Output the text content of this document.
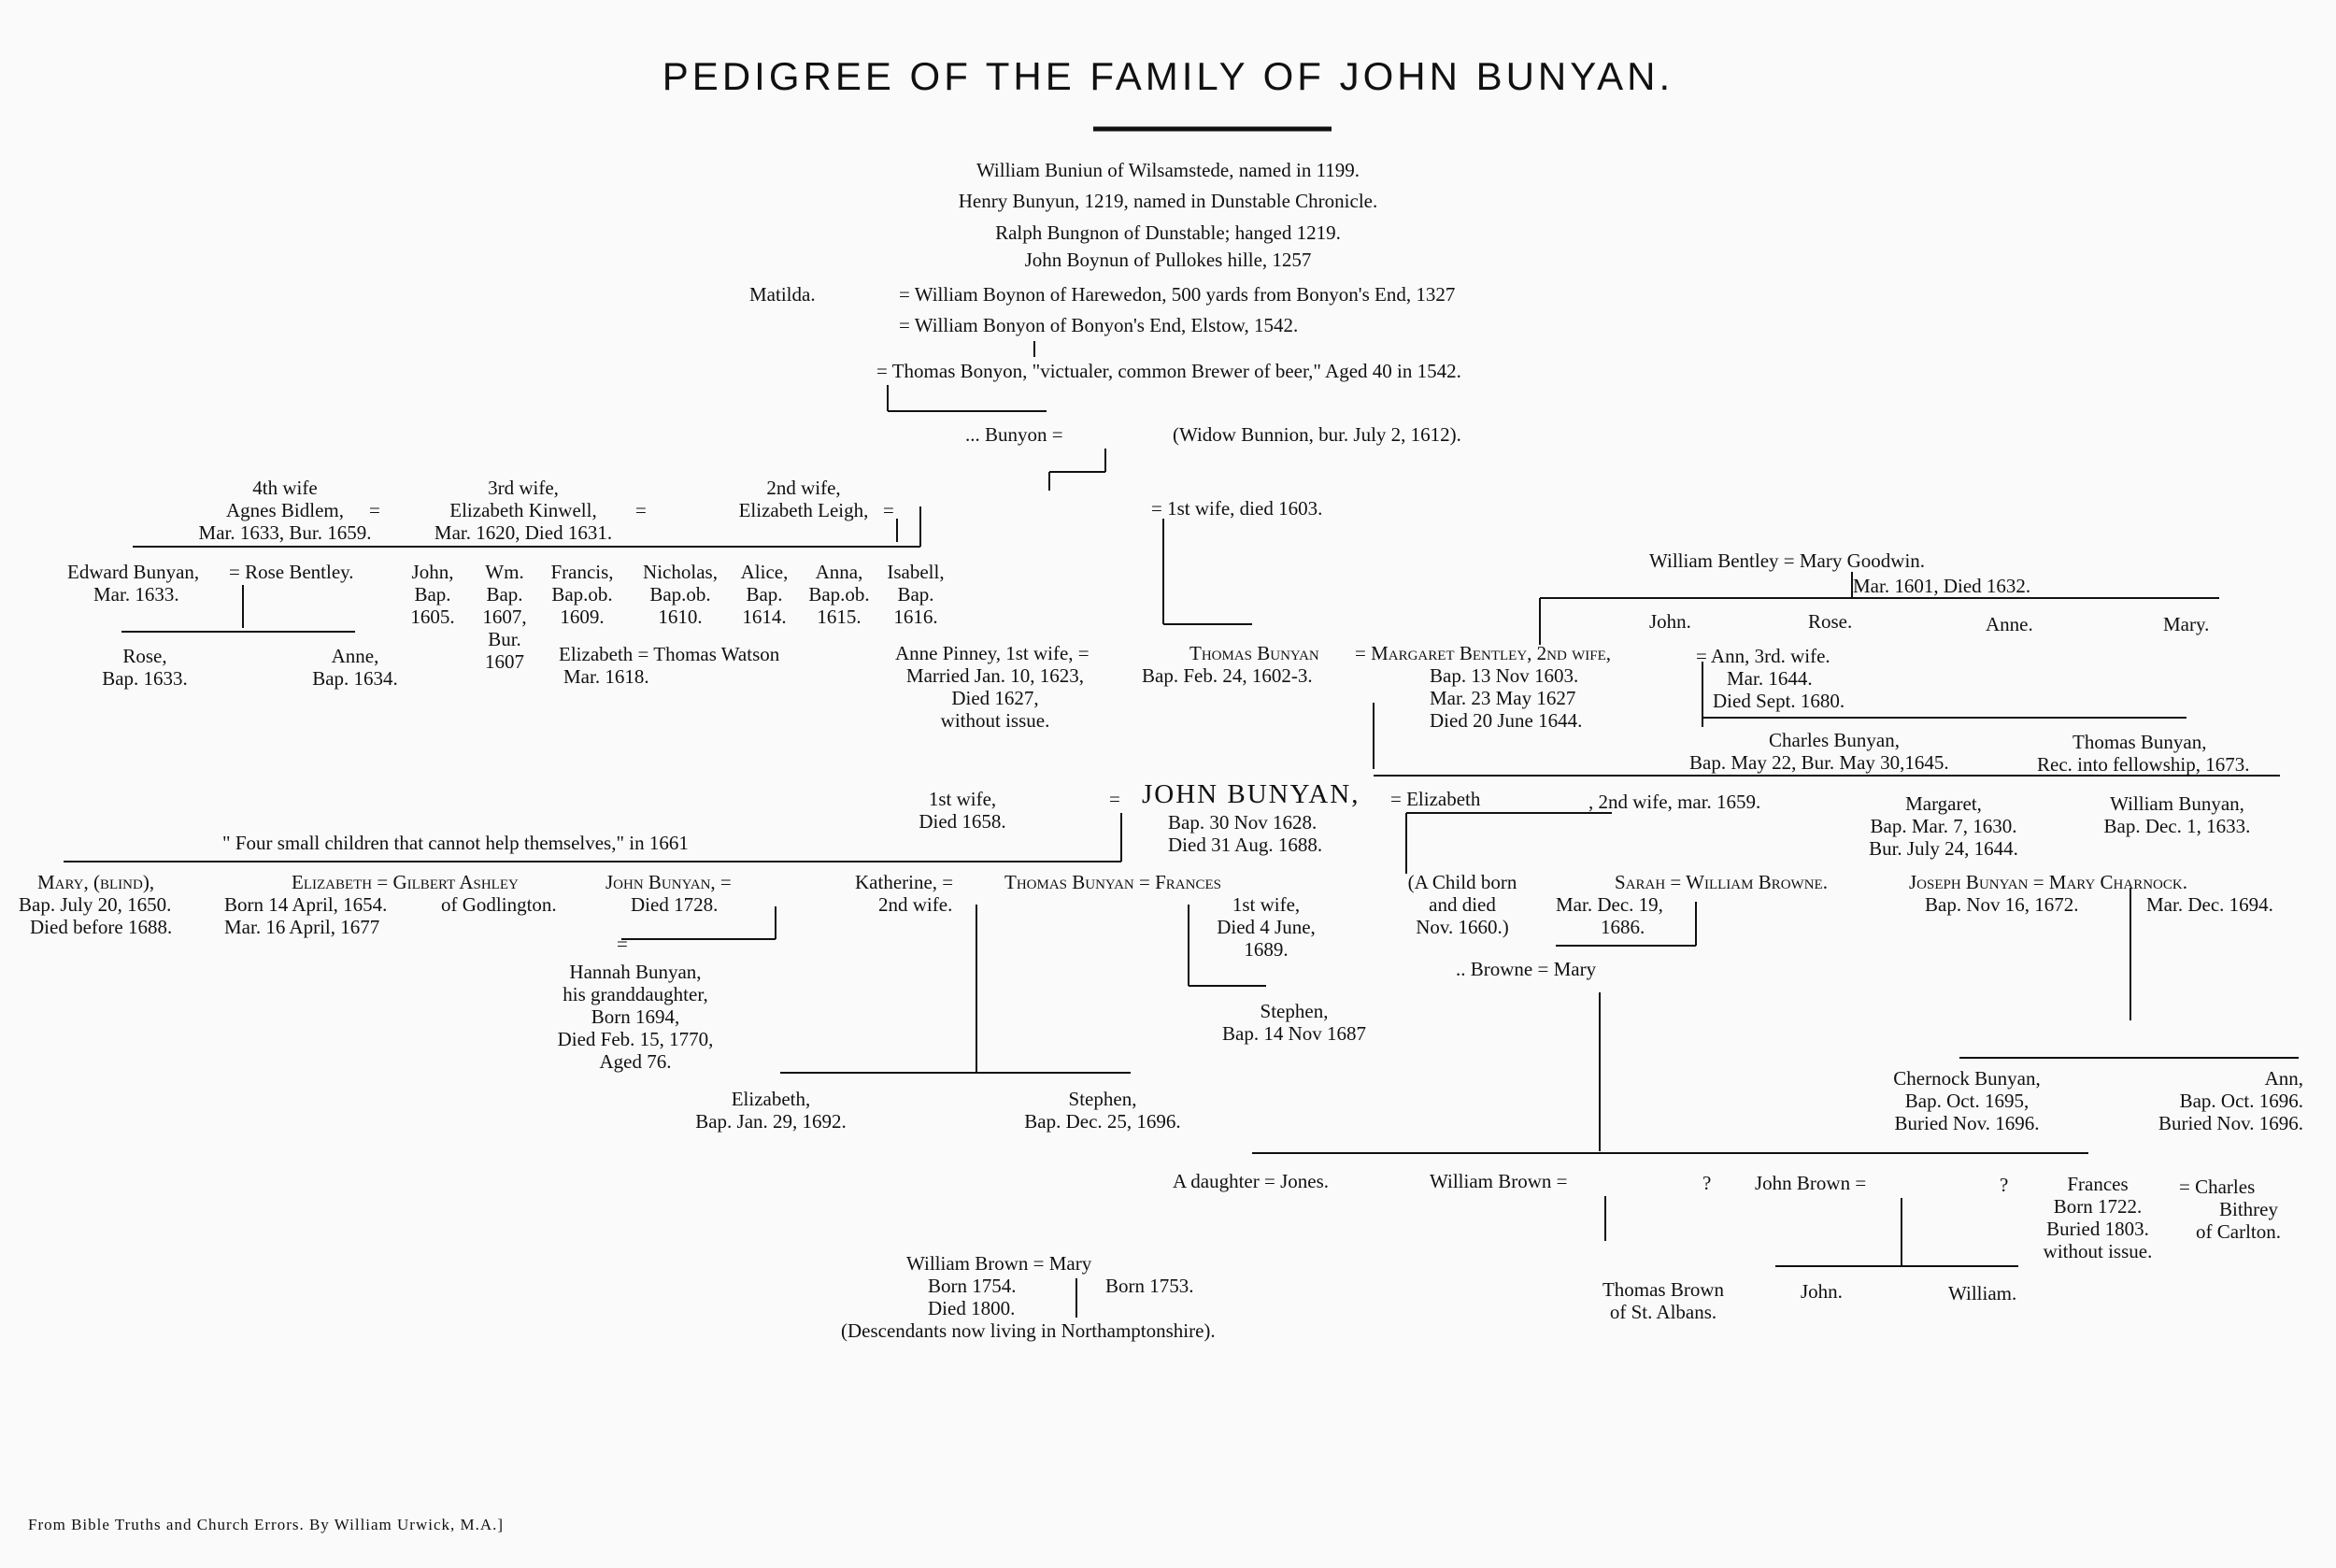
PEDIGREE OF THE FAMILY OF JOHN BUNYAN.
William Buniun of Wilsamstede, named in 1199.
Henry Bunyun, 1219, named in Dunstable Chronicle.
Ralph Bungnon of Dunstable; hanged 1219.
John Boynun of Pullokes hille, 1257
Matilda.	= William Boynon of Harewedon, 500 yards from Bonyon's End, 1327
= William Bonyon of Bonyon's End, Elstow, 1542.
= Thomas Bonyon, "victualer, common Brewer of beer," Aged 40 in 1542.
... Bunyon =	(Widow Bunnion, bur. July 2, 1612).
= 1st wife, died 1603.
4th wife
Agnes Bidlem,
Mar. 1633, Bur. 1659.
=
3rd wife,
Elizabeth Kinwell,
Mar. 1620, Died 1631.
=
2nd wife,
Elizabeth Leigh, =
Edward Bunyan,
Mar. 1633.
= Rose Bentley.	John,
Bap.
1605.
Wm.
Bap.
1607,
Bur.
1607
Francis,
Bap.ob.
1609.
Nicholas,
Bap.ob.
1610.
Alice,
Bap.
1614.
Anna,
Bap.ob.
1615.
Isabell,
Bap.
1616.
Rose,
Bap. 1633.
Anne,
Bap. 1634.
Elizabeth = Thomas Watson
Mar. 1618.
William Bentley = Mary Goodwin.
Mar. 1601, Died 1632.
John.	Rose.	Anne.	Mary.
Anne Pinney, 1st wife, =
Married Jan. 10, 1623,
Died 1627,
without issue.
Thomas Bunyan
Bap. Feb. 24, 1602-3.
= Margaret Bentley, 2nd wife,
Bap. 13 Nov 1603.
Mar. 23 May 1627
Died 20 June 1644.
= Ann, 3rd. wife.
Mar. 1644.
Died Sept. 1680.
Charles Bunyan,
Bap. May 22, Bur. May 30,1645.
Thomas Bunyan,
Rec. into fellowship, 1673.
1st wife,
Died 1658.
= JOHN BUNYAN,
Bap. 30 Nov 1628.
Died 31 Aug. 1688.
= Elizabeth	, 2nd wife, mar. 1659.	Margaret,
Bap. Mar. 7, 1630.
Bur. July 24, 1644.
William Bunyan,
Bap. Dec. 1, 1633.
" Four small children that cannot help themselves," in 1661
Mary, (blind),
Bap. July 20, 1650.
Died before 1688.
Elizabeth = Gilbert Ashley
Born 14 April, 1654.
Mar. 16 April, 1677
of Godlington.
John Bunyan, =
Died 1728.
=
Hannah Bunyan,
his granddaughter,
Born 1694,
Died Feb. 15, 1770,
Aged 76.
Katherine, =
2nd wife.
Thomas Bunyan = Frances
1st wife,
Died 4 June,
1689.
Stephen,
Bap. 14 Nov 1687
Elizabeth,
Bap. Jan. 29, 1692.
Stephen,
Bap. Dec. 25, 1696.
(A Child born
and died
Nov. 1660.)
Sarah = William Browne.
Mar. Dec. 19,
1686.
.. Browne = Mary
Joseph Bunyan = Mary Charnock.
Bap. Nov 16, 1672.	Mar. Dec. 1694.
Chernock Bunyan,
Bap. Oct. 1695,
Buried Nov. 1696.
Ann,
Bap. Oct. 1696.
Buried Nov. 1696.
A daughter = Jones.	William Brown =	? John Brown =	?	Frances
Born 1722.
Buried 1803.
without issue.
= Charles
Bithrey
of Carlton.
William Brown = Mary
Born 1754.
Died 1800.
(Descendants now living in Northamptonshire).
Born 1753.	Thomas Brown
of St. Albans.
John.	William.
From Bible Truths and Church Errors. By William Urwick, M.A.]
